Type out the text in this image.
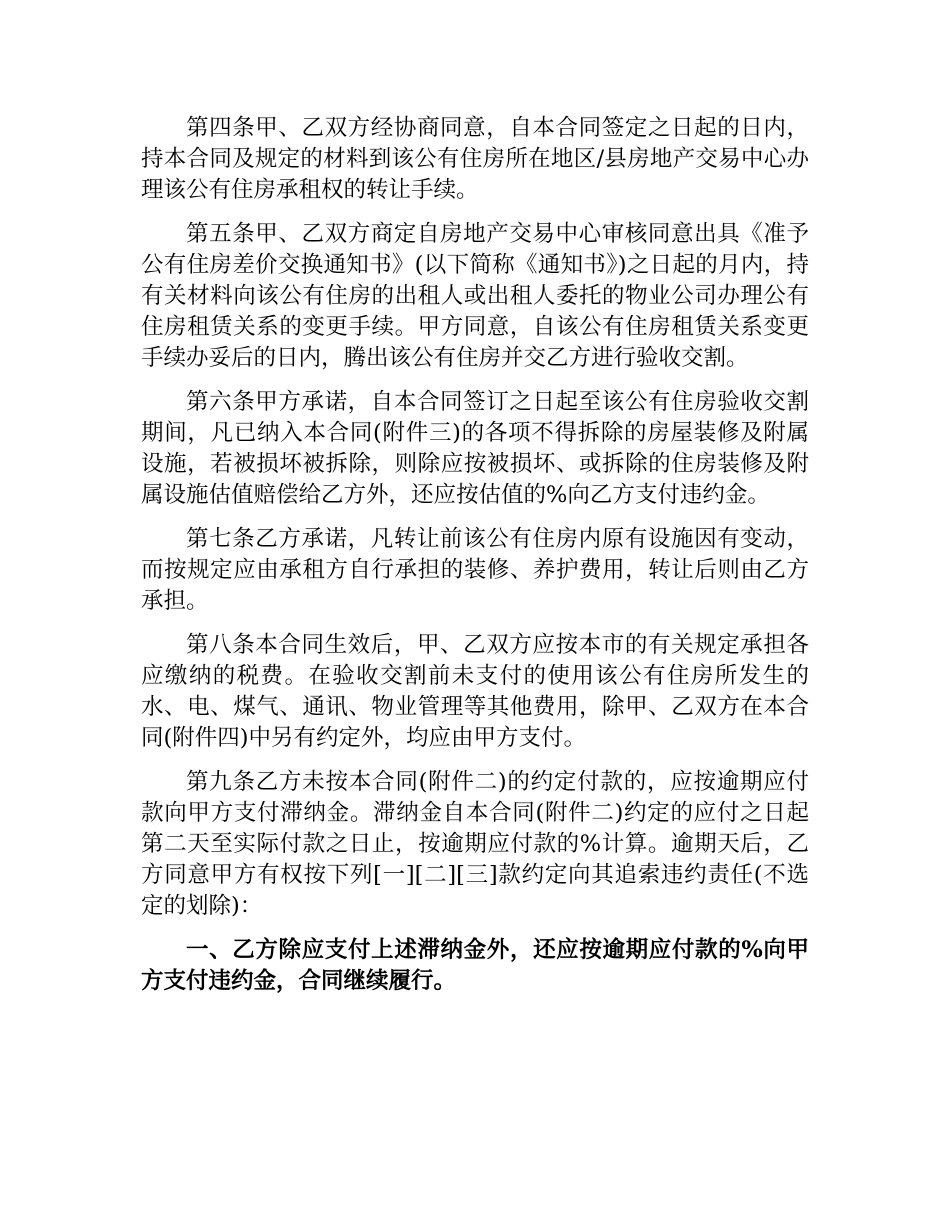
第四条甲、乙双方经协商同意，自本合同签定之日起的日内，持本合同及规定的材料到该公有住房所在地区/县房地产交易中心办理该公有住房承租权的转让手续。

第五条甲、乙双方商定自房地产交易中心审核同意出具《准予公有住房差价交换通知书》(以下简称《通知书》)之日起的月内，持有关材料向该公有住房的出租人或出租人委托的物业公司办理公有住房租赁关系的变更手续。甲方同意，自该公有住房租赁关系变更手续办妥后的日内，腾出该公有住房并交乙方进行验收交割。

第六条甲方承诺，自本合同签订之日起至该公有住房验收交割期间，凡已纳入本合同(附件三)的各项不得拆除的房屋装修及附属设施，若被损坏被拆除，则除应按被损坏、或拆除的住房装修及附属设施估值赔偿给乙方外，还应按估值的%向乙方支付违约金。

第七条乙方承诺，凡转让前该公有住房内原有设施因有变动，而按规定应由承租方自行承担的装修、养护费用，转让后则由乙方承担。

第八条本合同生效后，甲、乙双方应按本市的有关规定承担各应缴纳的税费。在验收交割前未支付的使用该公有住房所发生的水、电、煤气、通讯、物业管理等其他费用，除甲、乙双方在本合同(附件四)中另有约定外，均应由甲方支付。

第九条乙方未按本合同(附件二)的约定付款的，应按逾期应付款向甲方支付滞纳金。滞纳金自本合同(附件二)约定的应付之日起第二天至实际付款之日止，按逾期应付款的%计算。逾期天后，乙方同意甲方有权按下列[一][二][三]款约定向其追索违约责任(不选定的划除)：

一、乙方除应支付上述滞纳金外，还应按逾期应付款的%向甲方支付违约金，合同继续履行。
